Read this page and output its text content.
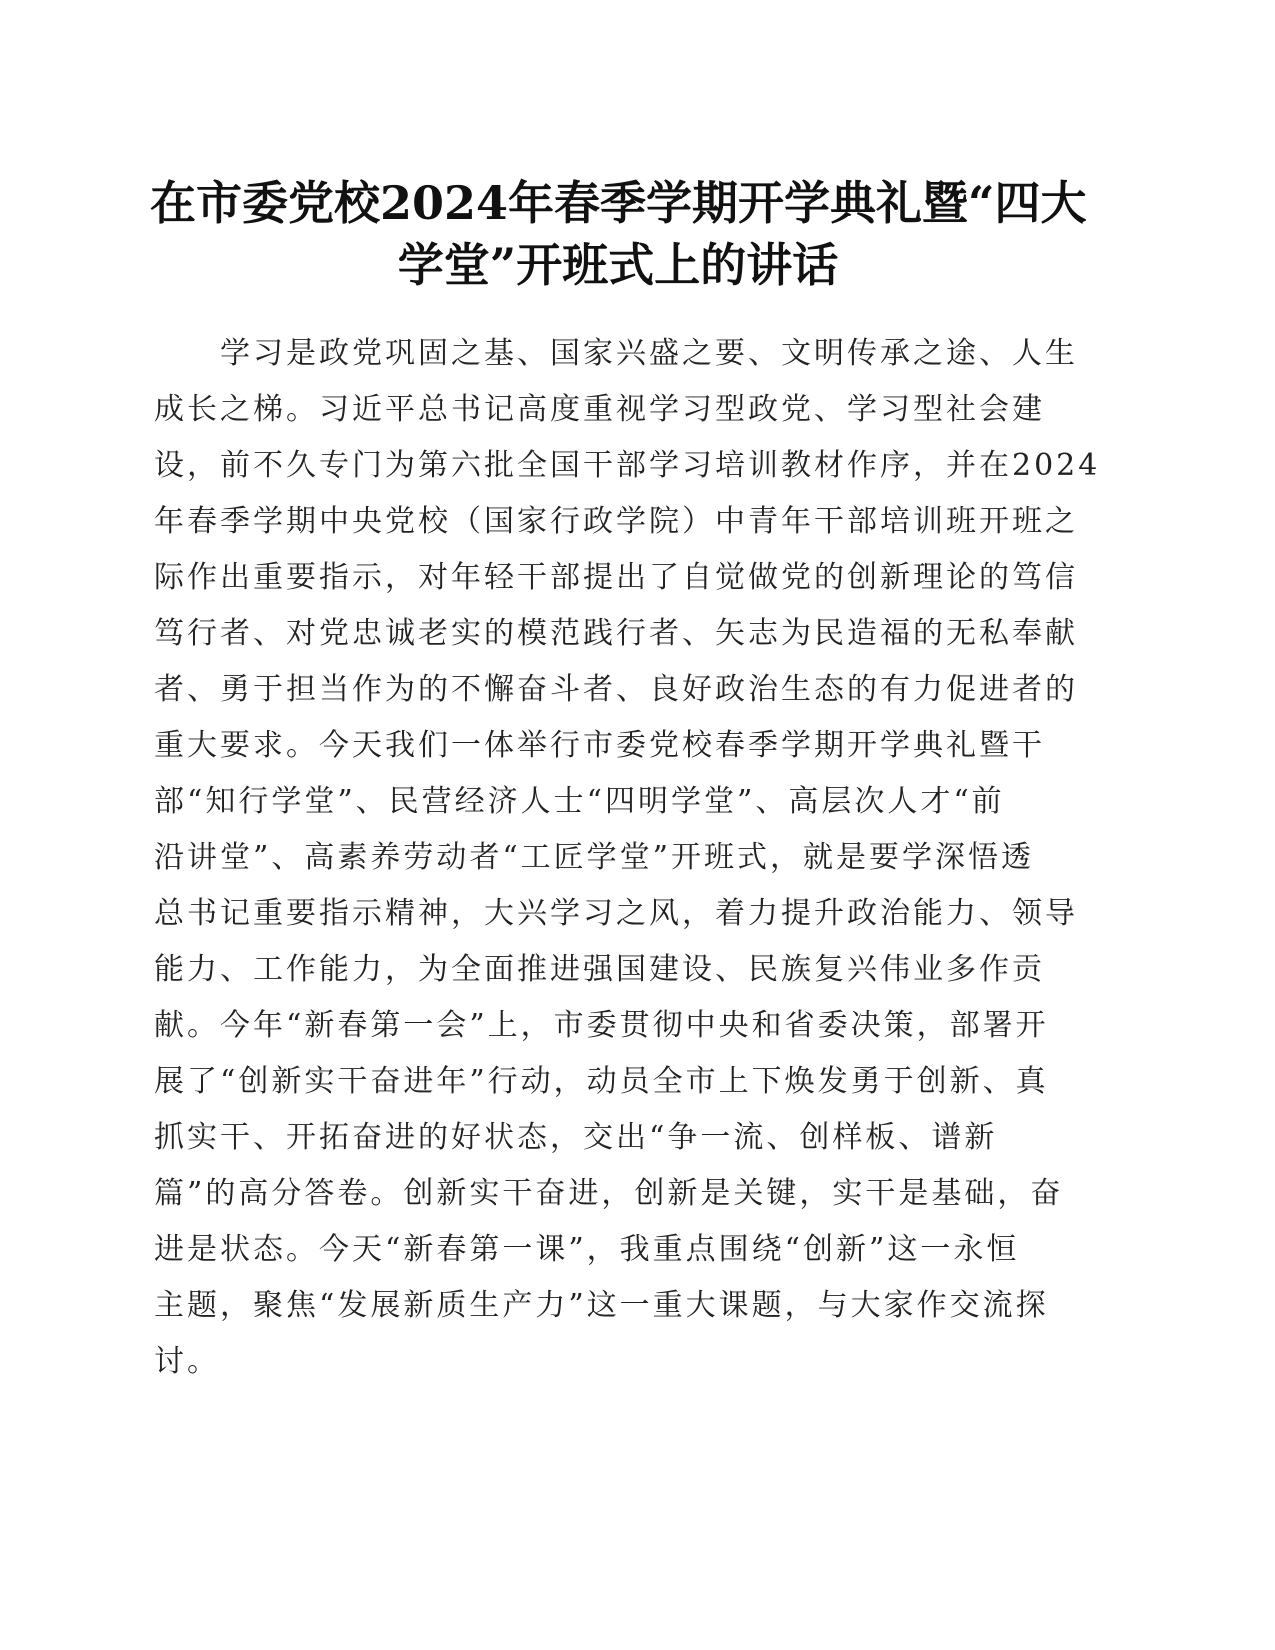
在市委党校2024年春季学期开学典礼暨“四大
学堂”开班式上的讲话
学习是政党巩固之基、国家兴盛之要、文明传承之途、人生
成长之梯。习近平总书记高度重视学习型政党、学习型社会建
设，前不久专门为第六批全国干部学习培训教材作序，并在2024
年春季学期中央党校（国家行政学院）中青年干部培训班开班之
际作出重要指示，对年轻干部提出了自觉做党的创新理论的笃信
笃行者、对党忠诚老实的模范践行者、矢志为民造福的无私奉献
者、勇于担当作为的不懈奋斗者、良好政治生态的有力促进者的
重大要求。今天我们一体举行市委党校春季学期开学典礼暨干
部“知行学堂”、民营经济人士“四明学堂”、高层次人才“前
沿讲堂”、高素养劳动者“工匠学堂”开班式，就是要学深悟透
总书记重要指示精神，大兴学习之风，着力提升政治能力、领导
能力、工作能力，为全面推进强国建设、民族复兴伟业多作贡
献。今年“新春第一会”上，市委贯彻中央和省委决策，部署开
展了“创新实干奋进年”行动，动员全市上下焕发勇于创新、真
抓实干、开拓奋进的好状态，交出“争一流、创样板、谱新
篇”的高分答卷。创新实干奋进，创新是关键，实干是基础，奋
进是状态。今天“新春第一课”，我重点围绕“创新”这一永恒
主题，聚焦“发展新质生产力”这一重大课题，与大家作交流探
讨。
